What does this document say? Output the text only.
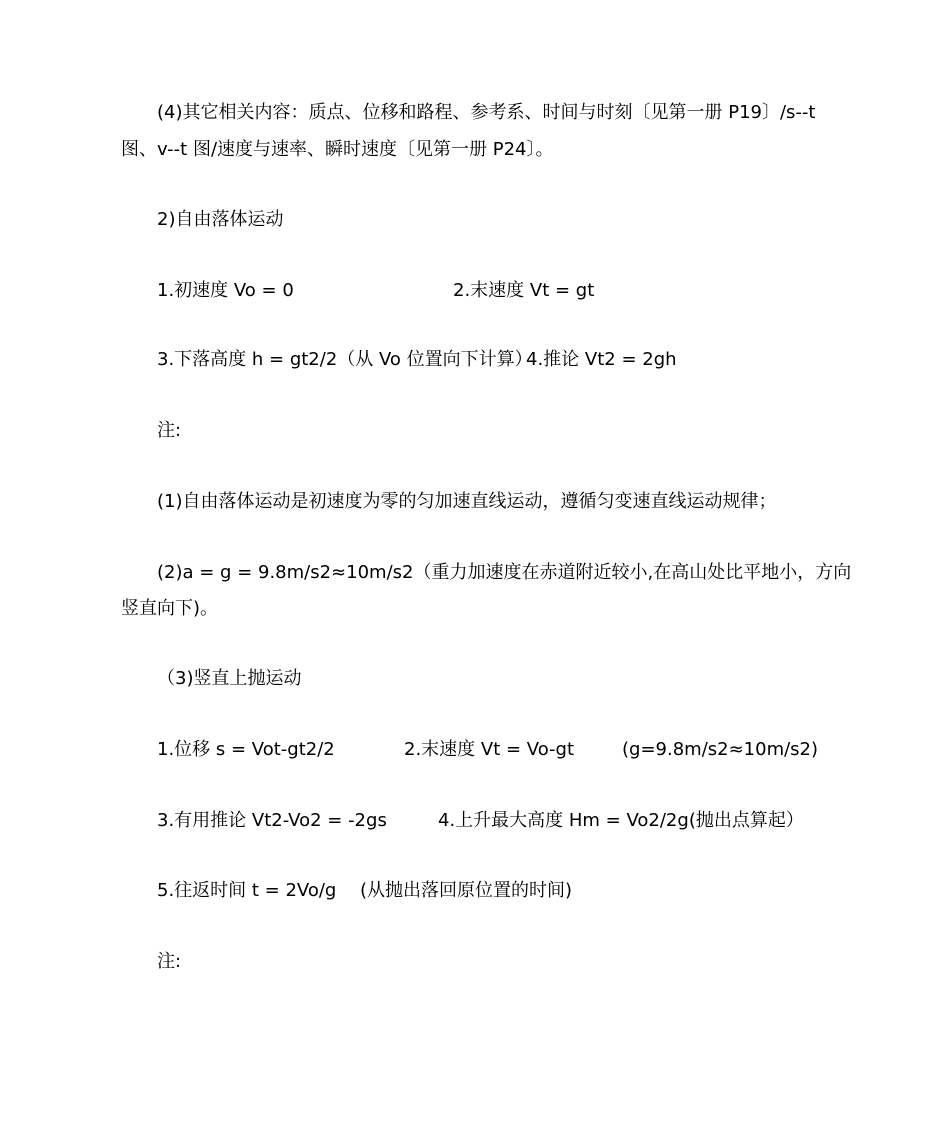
(4)其它相关内容：质点、位移和路程、参考系、时间与时刻〔见第一册 P19〕/s--t
图、v--t 图/速度与速率、瞬时速度〔见第一册 P24〕。
2)自由落体运动
1.初速度 Vo = 0	2.末速度 Vt = gt
3.下落高度 h = gt2/2（从 Vo 位置向下计算）
4.推论 Vt2 = 2gh
注:
(1)自由落体运动是初速度为零的匀加速直线运动，遵循匀变速直线运动规律；
(2)a = g = 9.8m/s2≈10m/s2（重力加速度在赤道附近较小,在高山处比平地小，方向
竖直向下)。
（3)竖直上抛运动
1.位移 s = Vot-gt2/2	2.末速度 Vt = Vo-gt	(g=9.8m/s2≈10m/s2)
3.有用推论 Vt2-Vo2 = -2gs	4.上升最大高度 Hm = Vo2/2g(抛出点算起）
5.往返时间 t = 2Vo/g (从抛出落回原位置的时间)
注:
